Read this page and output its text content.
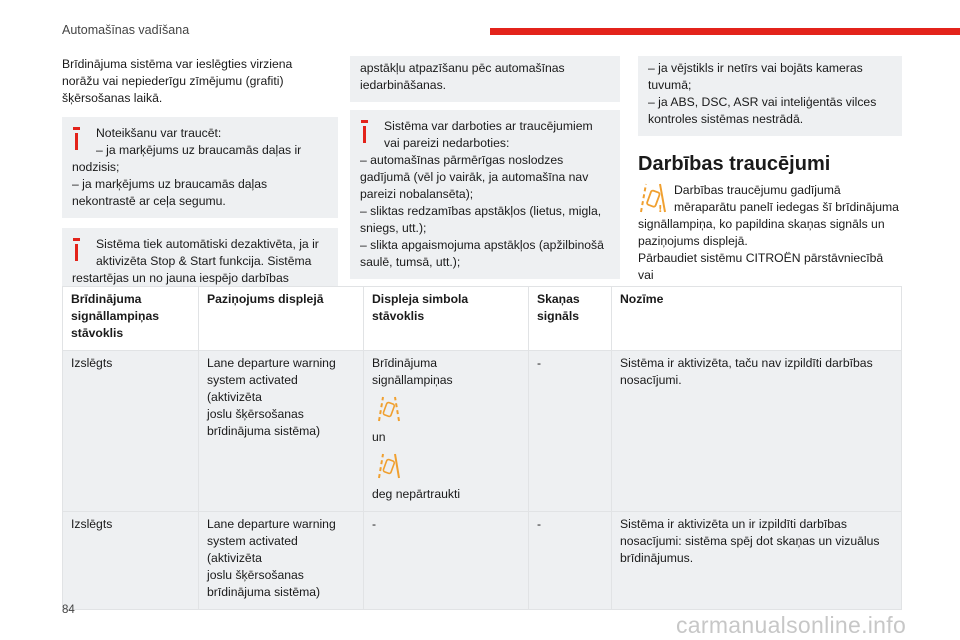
Automašīnas vadīšana

Brīdinājuma sistēma var ieslēgties virziena

norāžu vai nepiederīgu zīmējumu (grafiti)

šķērsošanas laikā.

Noteikšanu var traucēt:
– ja marķējums uz braucamās daļas ir
nodzisis;
– ja marķējums uz braucamās daļas
nekontrastē ar ceļa segumu.
Sistēma tiek automātiski dezaktivēta, ja ir
aktivizēta Stop & Start funkcija. Sistēma
restartējas un no jauna iespējo darbības
apstākļu atpazīšanu pēc automašīnas
iedarbināšanas.
Sistēma var darboties ar traucējumiem
vai pareizi nedarboties:
– automašīnas pārmērīgas noslodzes
gadījumā (vēl jo vairāk, ja automašīna nav
pareizi nobalansēta);
– sliktas redzamības apstākļos (lietus, migla,
sniegs, utt.);
– slikta apgaismojuma apstākļos (apžilbinošā
saulē, tumsā, utt.);
– ja vējstikls ir netīrs vai bojāts kameras
tuvumā;
– ja ABS, DSC, ASR vai inteliģentās vilces
kontroles sistēmas nestrādā.
Darbības traucējumi
!
Darbības traucējumu gadījumā
mēraparātu panelī iedegas šī brīdinājuma
signāllampiņa, ko papildina skaņas signāls un
paziņojums displejā.
Pārbaudiet sistēmu CITROËN pārstāvniecībā vai

Brīdinājuma
signāllampiņas
stāvoklis	Paziņojums displejā	Displeja simbola
stāvoklis	Skaņas
signāls	Nozīme
Izslēgts	Lane departure warning
system activated (aktivizēta
joslu šķērsošanas
brīdinājuma sistēma)	Brīdinājuma signāllampiņas
un
deg nepārtraukti	-	Sistēma ir aktivizēta, taču nav izpildīti darbības
nosacījumi.
Izslēgts	Lane departure warning
system activated (aktivizēta
joslu šķērsošanas
brīdinājuma sistēma)	-	-	Sistēma ir aktivizēta un ir izpildīti darbības
nosacījumi: sistēma spēj dot skaņas un vizuālus
brīdinājumus.
84
carmanualsonline.info
